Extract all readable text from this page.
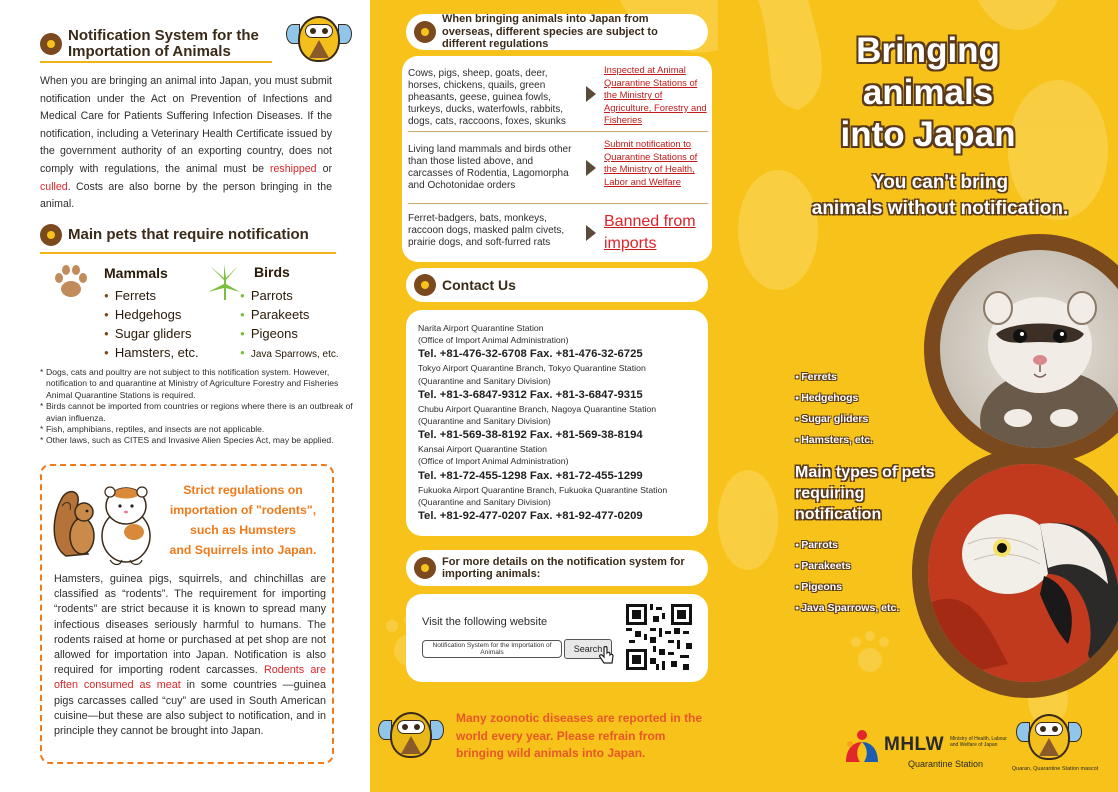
Notification System for the Importation of Animals
When you are bringing an animal into Japan, you must submit notification under the Act on Prevention of Infections and Medical Care for Patients Suffering Infection Diseases. If the notification, including a Veterinary Health Certificate issued by the government authority of an exporting country, does not comply with regulations, the animal must be reshipped or culled. Costs are also borne by the person bringing in the animal.
Main pets that require notification
Mammals
● Ferrets
● Hedgehogs
● Sugar gliders
● Hamsters, etc.
Birds
● Parrots
● Parakeets
● Pigeons
● Java Sparrows, etc.
* Dogs, cats and poultry are not subject to this notification system. However, notification to and quarantine at Ministry of Agriculture Forestry and Fisheries Animal Quarantine Stations is required.
* Birds cannot be imported from countries or regions where there is an outbreak of avian influenza.
* Fish, amphibians, reptiles, and insects are not applicable.
* Other laws, such as CITES and Invasive Alien Species Act, may be applied.
Strict regulations on
importation of "rodents",
such as Humsters
and Squirrels into Japan.
Hamsters, guinea pigs, squirrels, and chinchillas are classified as “rodents”. The requirement for importing “rodents” are strict because it is known to spread many infectious diseases seriously harmful to humans. The rodents raised at home or purchased at pet shop are not allowed for importation into Japan. Notification is also required for importing rodent carcasses. Rodents are often consumed as meat in some countries —guinea pigs carcasses called “cuy” are used in South American cuisine—but these are also subject to notification, and in principle they cannot be brought into Japan.
When bringing animals into Japan from overseas, different species are subject to different regulations
Cows, pigs, sheep, goats, deer, horses, chickens, quails, green pheasants, geese, guinea fowls, turkeys, ducks, waterfowls, rabbits, dogs, cats, raccoons, foxes, skunks
Inspected at Animal Quarantine Stations of the Ministry of Agriculture, Forestry and Fisheries
Living land mammals and birds other than those listed above, and carcasses of Rodentia, Lagomorpha and Ochotonidae orders
Submit notification to Quarantine Stations of the Ministry of Health, Labor and Welfare
Ferret-badgers, bats, monkeys, raccoon dogs, masked palm civets, prairie dogs, and soft-furred rats
Banned from imports
Contact Us
Narita Airport Quarantine Station
(Office of Import Animal Administration)
Tel. +81-476-32-6708 Fax. +81-476-32-6725
Tokyo Airport Quarantine Branch, Tokyo Quarantine Station
(Quarantine and Sanitary Division)
Tel. +81-3-6847-9312 Fax. +81-3-6847-9315
Chubu Airport Quarantine Branch, Nagoya Quarantine Station
(Quarantine and Sanitary Division)
Tel. +81-569-38-8192 Fax. +81-569-38-8194
Kansai Airport Quarantine Station
(Office of Import Animal Administration)
Tel. +81-72-455-1298 Fax. +81-72-455-1299
Fukuoka Airport Quarantine Branch, Fukuoka Quarantine Station
(Quarantine and Sanitary Division)
Tel. +81-92-477-0207 Fax. +81-92-477-0209
For more details on the notification system for importing animals:
Visit the following website
Notification System for the Importation of Animals	Search
Many zoonotic diseases are reported in the world every year. Please refrain from bringing wild animals into Japan.
Bringing
animals
into Japan
You can't bring
animals without notification.
● Ferrets
● Hedgehogs
● Sugar gliders
● Hamsters, etc.
Main types of pets
requiring
notification
● Parrots
● Parakeets
● Pigeons
● Java Sparrows, etc.
MHLW Ministry of Health, Labour and Welfare of Japan
Quarantine Station	Quaran, Quarantine Station mascot
